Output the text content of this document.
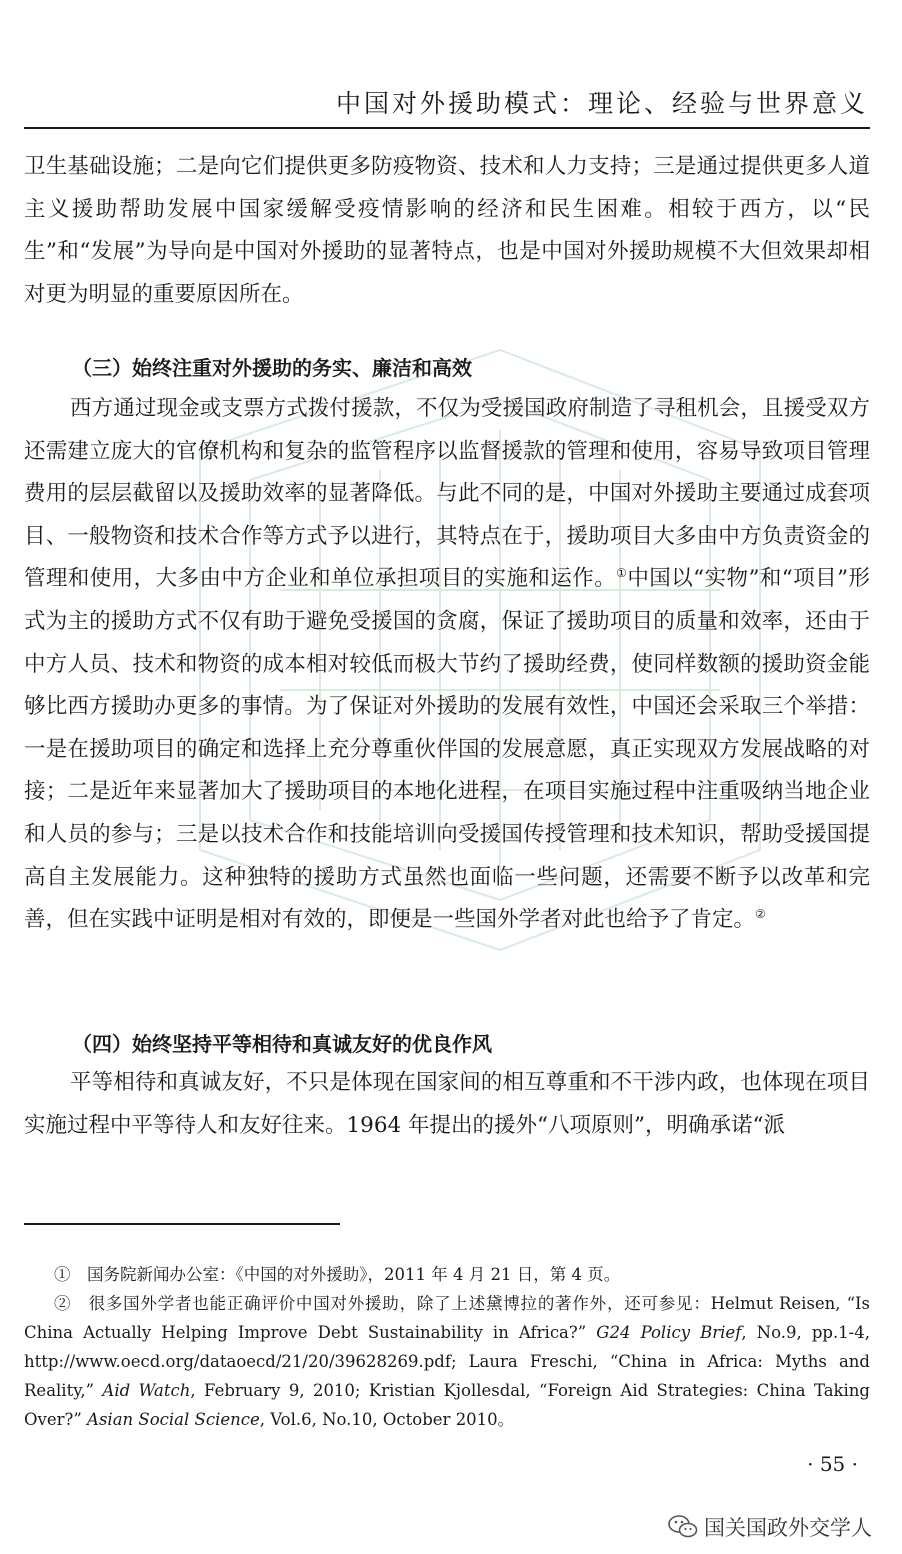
中国对外援助模式：理论、经验与世界意义

卫生基础设施；二是向它们提供更多防疫物资、技术和人力支持；三是通过提供更多人道主义援助帮助发展中国家缓解受疫情影响的经济和民生困难。相较于西方，以“民生”和“发展”为导向是中国对外援助的显著特点，也是中国对外援助规模不大但效果却相对更为明显的重要原因所在。

（三）始终注重对外援助的务实、廉洁和高效

西方通过现金或支票方式拨付援款，不仅为受援国政府制造了寻租机会，且援受双方还需建立庞大的官僚机构和复杂的监管程序以监督援款的管理和使用，容易导致项目管理费用的层层截留以及援助效率的显著降低。与此不同的是，中国对外援助主要通过成套项目、一般物资和技术合作等方式予以进行，其特点在于，援助项目大多由中方负责资金的管理和使用，大多由中方企业和单位承担项目的实施和运作。①中国以“实物”和“项目”形式为主的援助方式不仅有助于避免受援国的贪腐，保证了援助项目的质量和效率，还由于中方人员、技术和物资的成本相对较低而极大节约了援助经费，使同样数额的援助资金能够比西方援助办更多的事情。为了保证对外援助的发展有效性，中国还会采取三个举措：一是在援助项目的确定和选择上充分尊重伙伴国的发展意愿，真正实现双方发展战略的对接；二是近年来显著加大了援助项目的本地化进程，在项目实施过程中注重吸纳当地企业和人员的参与；三是以技术合作和技能培训向受援国传授管理和技术知识，帮助受援国提高自主发展能力。这种独特的援助方式虽然也面临一些问题，还需要不断予以改革和完善，但在实践中证明是相对有效的，即便是一些国外学者对此也给予了肯定。②

（四）始终坚持平等相待和真诚友好的优良作风

平等相待和真诚友好，不只是体现在国家间的相互尊重和不干涉内政，也体现在项目实施过程中平等待人和友好往来。1964 年提出的援外“八项原则”，明确承诺“派

①　 国务院新闻办公室：《中国的对外援助》，2011 年 4 月 21 日，第 4 页。

②　 很多国外学者也能正确评价中国对外援助，除了上述黛博拉的著作外，还可参见：Helmut Reisen, “Is China Actually Helping Improve Debt Sustainability in Africa?” G24 Policy Brief, No.9, pp.1-4, http://www.oecd.org/dataoecd/21/20/39628269.pdf; Laura Freschi, “China in Africa: Myths and Reality,” Aid Watch, February 9, 2010; Kristian Kjollesdal, “Foreign Aid Strategies: China Taking Over?” Asian Social Science, Vol.6, No.10, October 2010。

· 55 ·
国关国政外交学人
